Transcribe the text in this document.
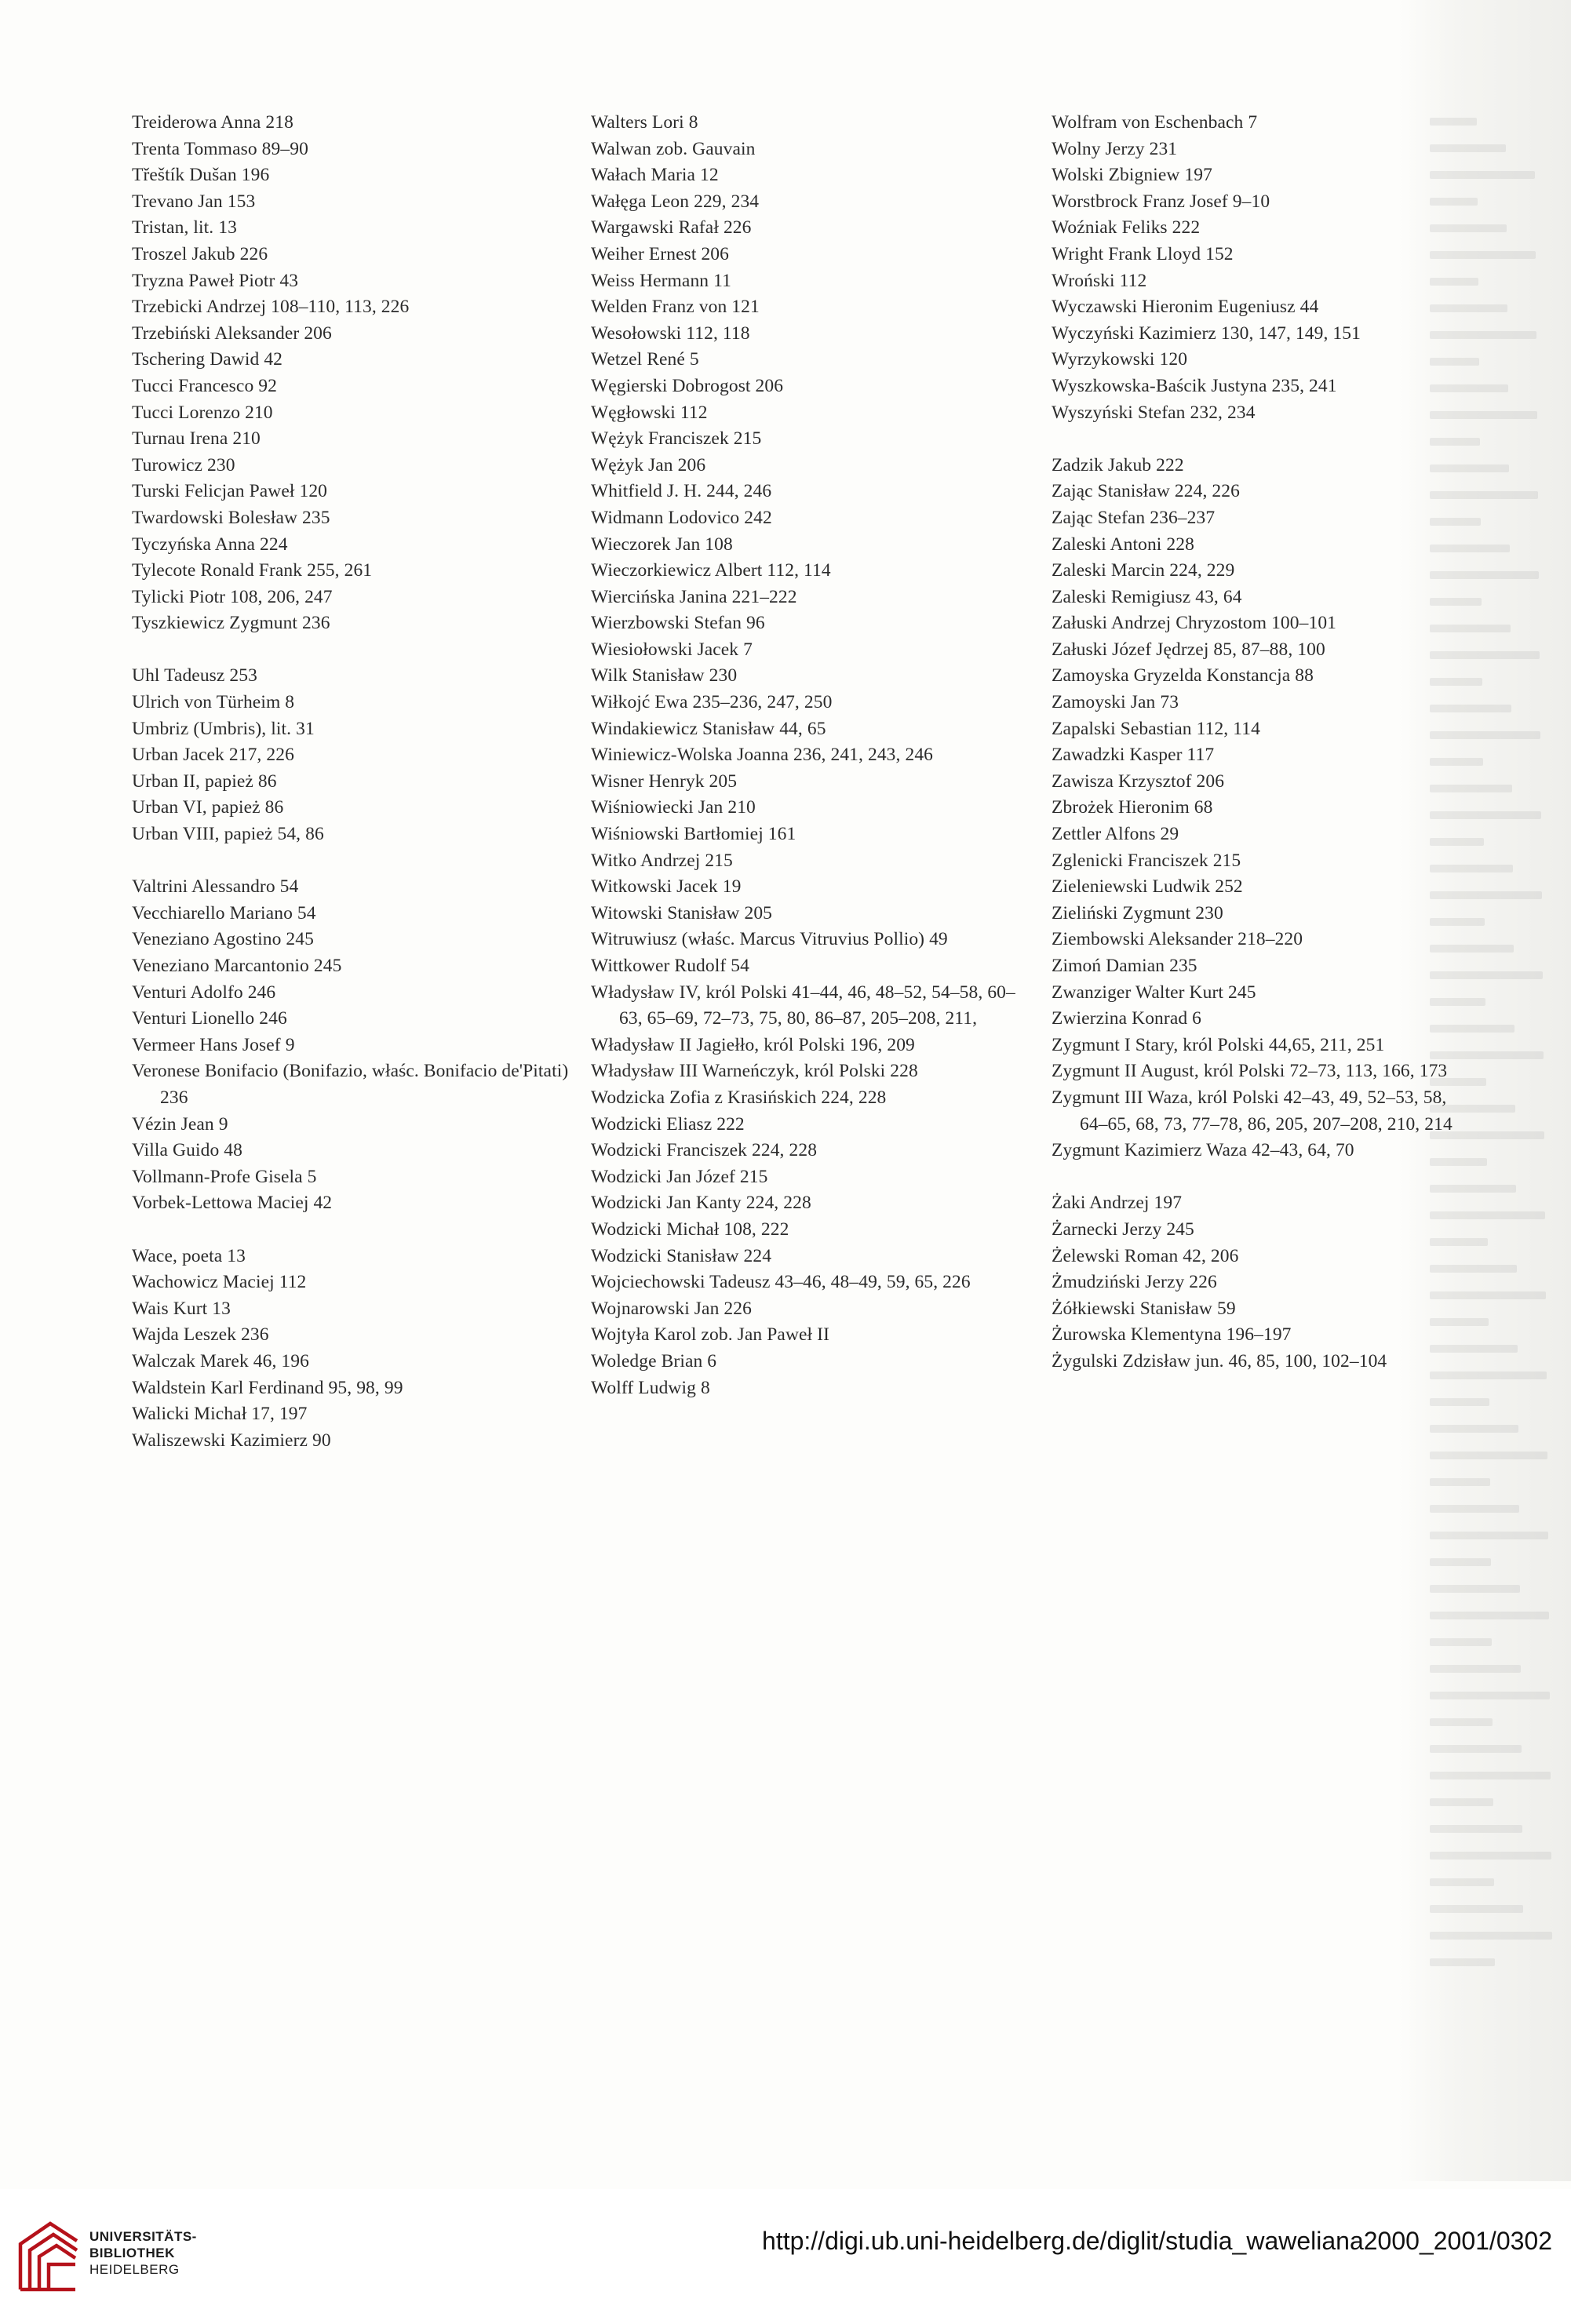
Treiderowa Anna 218
Trenta Tommaso 89–90
Třeštík Dušan 196
Trevano Jan 153
Tristan, lit. 13
Troszel Jakub 226
Tryzna Paweł Piotr 43
Trzebicki Andrzej 108–110, 113, 226
Trzebiński Aleksander 206
Tschering Dawid 42
Tucci Francesco 92
Tucci Lorenzo 210
Turnau Irena 210
Turowicz 230
Turski Felicjan Paweł 120
Twardowski Bolesław 235
Tyczyńska Anna 224
Tylecote Ronald Frank 255, 261
Tylicki Piotr 108, 206, 247
Tyszkiewicz Zygmunt 236
Uhl Tadeusz 253
Ulrich von Türheim 8
Umbriz (Umbris), lit. 31
Urban Jacek 217, 226
Urban II, papież 86
Urban VI, papież 86
Urban VIII, papież 54, 86
Valtrini Alessandro 54
Vecchiarello Mariano 54
Veneziano Agostino 245
Veneziano Marcantonio 245
Venturi Adolfo 246
Venturi Lionello 246
Vermeer Hans Josef 9
Veronese Bonifacio (Bonifazio, właśc. Bonifacio de'Pitati) 236
Vézin Jean 9
Villa Guido 48
Vollmann-Profe Gisela 5
Vorbek-Lettowa Maciej 42
Wace, poeta 13
Wachowicz Maciej 112
Wais Kurt 13
Wajda Leszek 236
Walczak Marek 46, 196
Waldstein Karl Ferdinand 95, 98, 99
Walicki Michał 17, 197
Waliszewski Kazimierz 90
Walters Lori 8
Walwan zob. Gauvain
Wałach Maria 12
Wałęga Leon 229, 234
Wargawski Rafał 226
Weiher Ernest 206
Weiss Hermann 11
Welden Franz von 121
Wesołowski 112, 118
Wetzel René 5
Węgierski Dobrogost 206
Węgłowski 112
Wężyk Franciszek 215
Wężyk Jan 206
Whitfield J. H. 244, 246
Widmann Lodovico 242
Wieczorek Jan 108
Wieczorkiewicz Albert 112, 114
Wiercińska Janina 221–222
Wierzbowski Stefan 96
Wiesiołowski Jacek 7
Wilk Stanisław 230
Wiłkojć Ewa 235–236, 247, 250
Windakiewicz Stanisław 44, 65
Winiewicz-Wolska Joanna 236, 241, 243, 246
Wisner Henryk 205
Wiśniowiecki Jan 210
Wiśniowski Bartłomiej 161
Witko Andrzej 215
Witkowski Jacek 19
Witowski Stanisław 205
Witruwiusz (właśc. Marcus Vitruvius Pollio) 49
Wittkower Rudolf 54
Władysław IV, król Polski 41–44, 46, 48–52, 54–58, 60–63, 65–69, 72–73, 75, 80, 86–87, 205–208, 211,
Władysław II Jagiełło, król Polski 196, 209
Władysław III Warneńczyk, król Polski 228
Wodzicka Zofia z Krasińskich 224, 228
Wodzicki Eliasz 222
Wodzicki Franciszek 224, 228
Wodzicki Jan Józef 215
Wodzicki Jan Kanty 224, 228
Wodzicki Michał 108, 222
Wodzicki Stanisław 224
Wojciechowski Tadeusz 43–46, 48–49, 59, 65, 226
Wojnarowski Jan 226
Wojtyła Karol zob. Jan Paweł II
Woledge Brian 6
Wolff Ludwig 8
Wolfram von Eschenbach 7
Wolny Jerzy 231
Wolski Zbigniew 197
Worstbrock Franz Josef 9–10
Woźniak Feliks 222
Wright Frank Lloyd 152
Wroński 112
Wyczawski Hieronim Eugeniusz 44
Wyczyński Kazimierz 130, 147, 149, 151
Wyrzykowski 120
Wyszkowska-Baścik Justyna 235, 241
Wyszyński Stefan 232, 234
Zadzik Jakub 222
Zając Stanisław 224, 226
Zając Stefan 236–237
Zaleski Antoni 228
Zaleski Marcin 224, 229
Zaleski Remigiusz 43, 64
Załuski Andrzej Chryzostom 100–101
Załuski Józef Jędrzej 85, 87–88, 100
Zamoyska Gryzelda Konstancja 88
Zamoyski Jan 73
Zapalski Sebastian 112, 114
Zawadzki Kasper 117
Zawisza Krzysztof 206
Zbrożek Hieronim 68
Zettler Alfons 29
Zglenicki Franciszek 215
Zieleniewski Ludwik 252
Zieliński Zygmunt 230
Ziembowski Aleksander 218–220
Zimoń Damian 235
Zwanziger Walter Kurt 245
Zwierzina Konrad 6
Zygmunt I Stary, król Polski 44,65, 211, 251
Zygmunt II August, król Polski 72–73, 113, 166, 173
Zygmunt III Waza, król Polski 42–43, 49, 52–53, 58, 64–65, 68, 73, 77–78, 86, 205, 207–208, 210, 214
Zygmunt Kazimierz Waza 42–43, 64, 70
Żaki Andrzej 197
Żarnecki Jerzy 245
Żelewski Roman 42, 206
Żmudziński Jerzy 226
Żółkiewski Stanisław 59
Żurowska Klementyna 196–197
Żygulski Zdzisław jun. 46, 85, 100, 102–104
UNIVERSITÄTS-
BIBLIOTHEK
HEIDELBERG
http://digi.ub.uni-heidelberg.de/diglit/studia_waweliana2000_2001/0302
